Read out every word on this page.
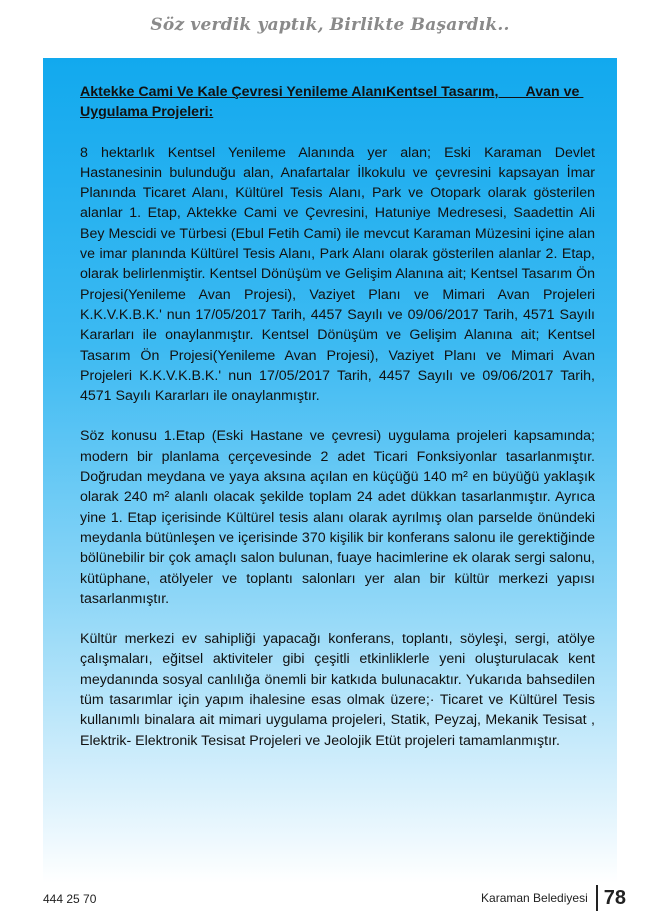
Söz verdik yaptık, Birlikte Başardık..

Aktekke Cami Ve Kale Çevresi Yenileme AlanıKentsel Tasarım,       Avan ve Uygulama Projeleri:

8 hektarlık Kentsel Yenileme Alanında yer alan; Eski Karaman Devlet Hastanesinin bulunduğu alan, Anafartalar İlkokulu ve çevresini kapsayan İmar Planında Ticaret Alanı, Kültürel Tesis Alanı, Park ve Otopark olarak gösterilen alanlar 1. Etap, Aktekke Cami ve Çevresini, Hatuniye Medresesi, Saadettin Ali Bey Mescidi ve Türbesi (Ebul Fetih Cami) ile mevcut Karaman Müzesini içine alan ve imar planında Kültürel Tesis Alanı, Park Alanı olarak gösterilen alanlar 2. Etap, olarak belirlenmiştir. Kentsel Dönüşüm ve Gelişim Alanına ait; Kentsel Tasarım Ön Projesi(Yenileme Avan Projesi), Vaziyet Planı ve Mimari Avan Projeleri K.K.V.K.B.K.' nun 17/05/2017 Tarih, 4457 Sayılı ve 09/06/2017 Tarih, 4571 Sayılı Kararları ile onaylanmıştır. Kentsel Dönüşüm ve Gelişim Alanına ait; Kentsel Tasarım Ön Projesi(Yenileme Avan Projesi), Vaziyet Planı ve Mimari Avan Projeleri K.K.V.K.B.K.' nun 17/05/2017 Tarih, 4457 Sayılı ve 09/06/2017 Tarih, 4571 Sayılı Kararları ile onaylanmıştır.

Söz konusu 1.Etap (Eski Hastane ve çevresi) uygulama projeleri kapsamında; modern bir planlama çerçevesinde 2 adet Ticari Fonksiyonlar tasarlanmıştır. Doğrudan meydana ve yaya aksına açılan en küçüğü 140 m² en büyüğü yaklaşık olarak 240 m² alanlı olacak şekilde toplam 24 adet dükkan tasarlanmıştır. Ayrıca yine 1. Etap içerisinde Kültürel tesis alanı olarak ayrılmış olan parselde önündeki meydanla bütünleşen ve içerisinde 370 kişilik bir konferans salonu ile gerektiğinde bölünebilir bir çok amaçlı salon bulunan, fuaye hacimlerine ek olarak sergi salonu, kütüphane, atölyeler ve toplantı salonları yer alan bir kültür merkezi yapısı tasarlanmıştır.

Kültür merkezi ev sahipliği yapacağı konferans, toplantı, söyleşi, sergi, atölye çalışmaları, eğitsel aktiviteler gibi çeşitli etkinliklerle yeni oluşturulacak kent meydanında sosyal canlılığa önemli bir katkıda bulunacaktır. Yukarıda bahsedilen tüm tasarımlar için yapım ihalesine esas olmak üzere;· Ticaret ve Kültürel Tesis kullanımlı binalara ait mimari uygulama projeleri, Statik, Peyzaj, Mekanik Tesisat , Elektrik- Elektronik Tesisat Projeleri ve Jeolojik Etüt projeleri tamamlanmıştır.

444 25 70	Karaman Belediyesi 78
